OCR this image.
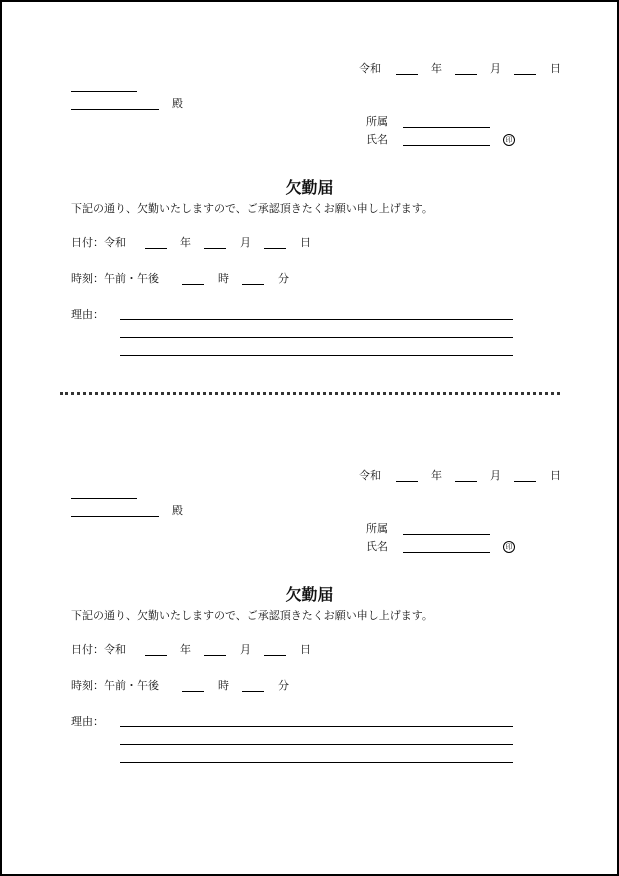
令和	年	月	日
殿
所属
氏名	印
欠勤届
下記の通り、欠勤いたしますので、ご承認頂きたくお願い申し上げます。
日付：令和	年	月	日
時刻：午前・午後	時	分
理由：
令和	年	月	日
殿
所属
氏名	印
欠勤届
下記の通り、欠勤いたしますので、ご承認頂きたくお願い申し上げます。
日付：令和	年	月	日
時刻：午前・午後	時	分
理由：
